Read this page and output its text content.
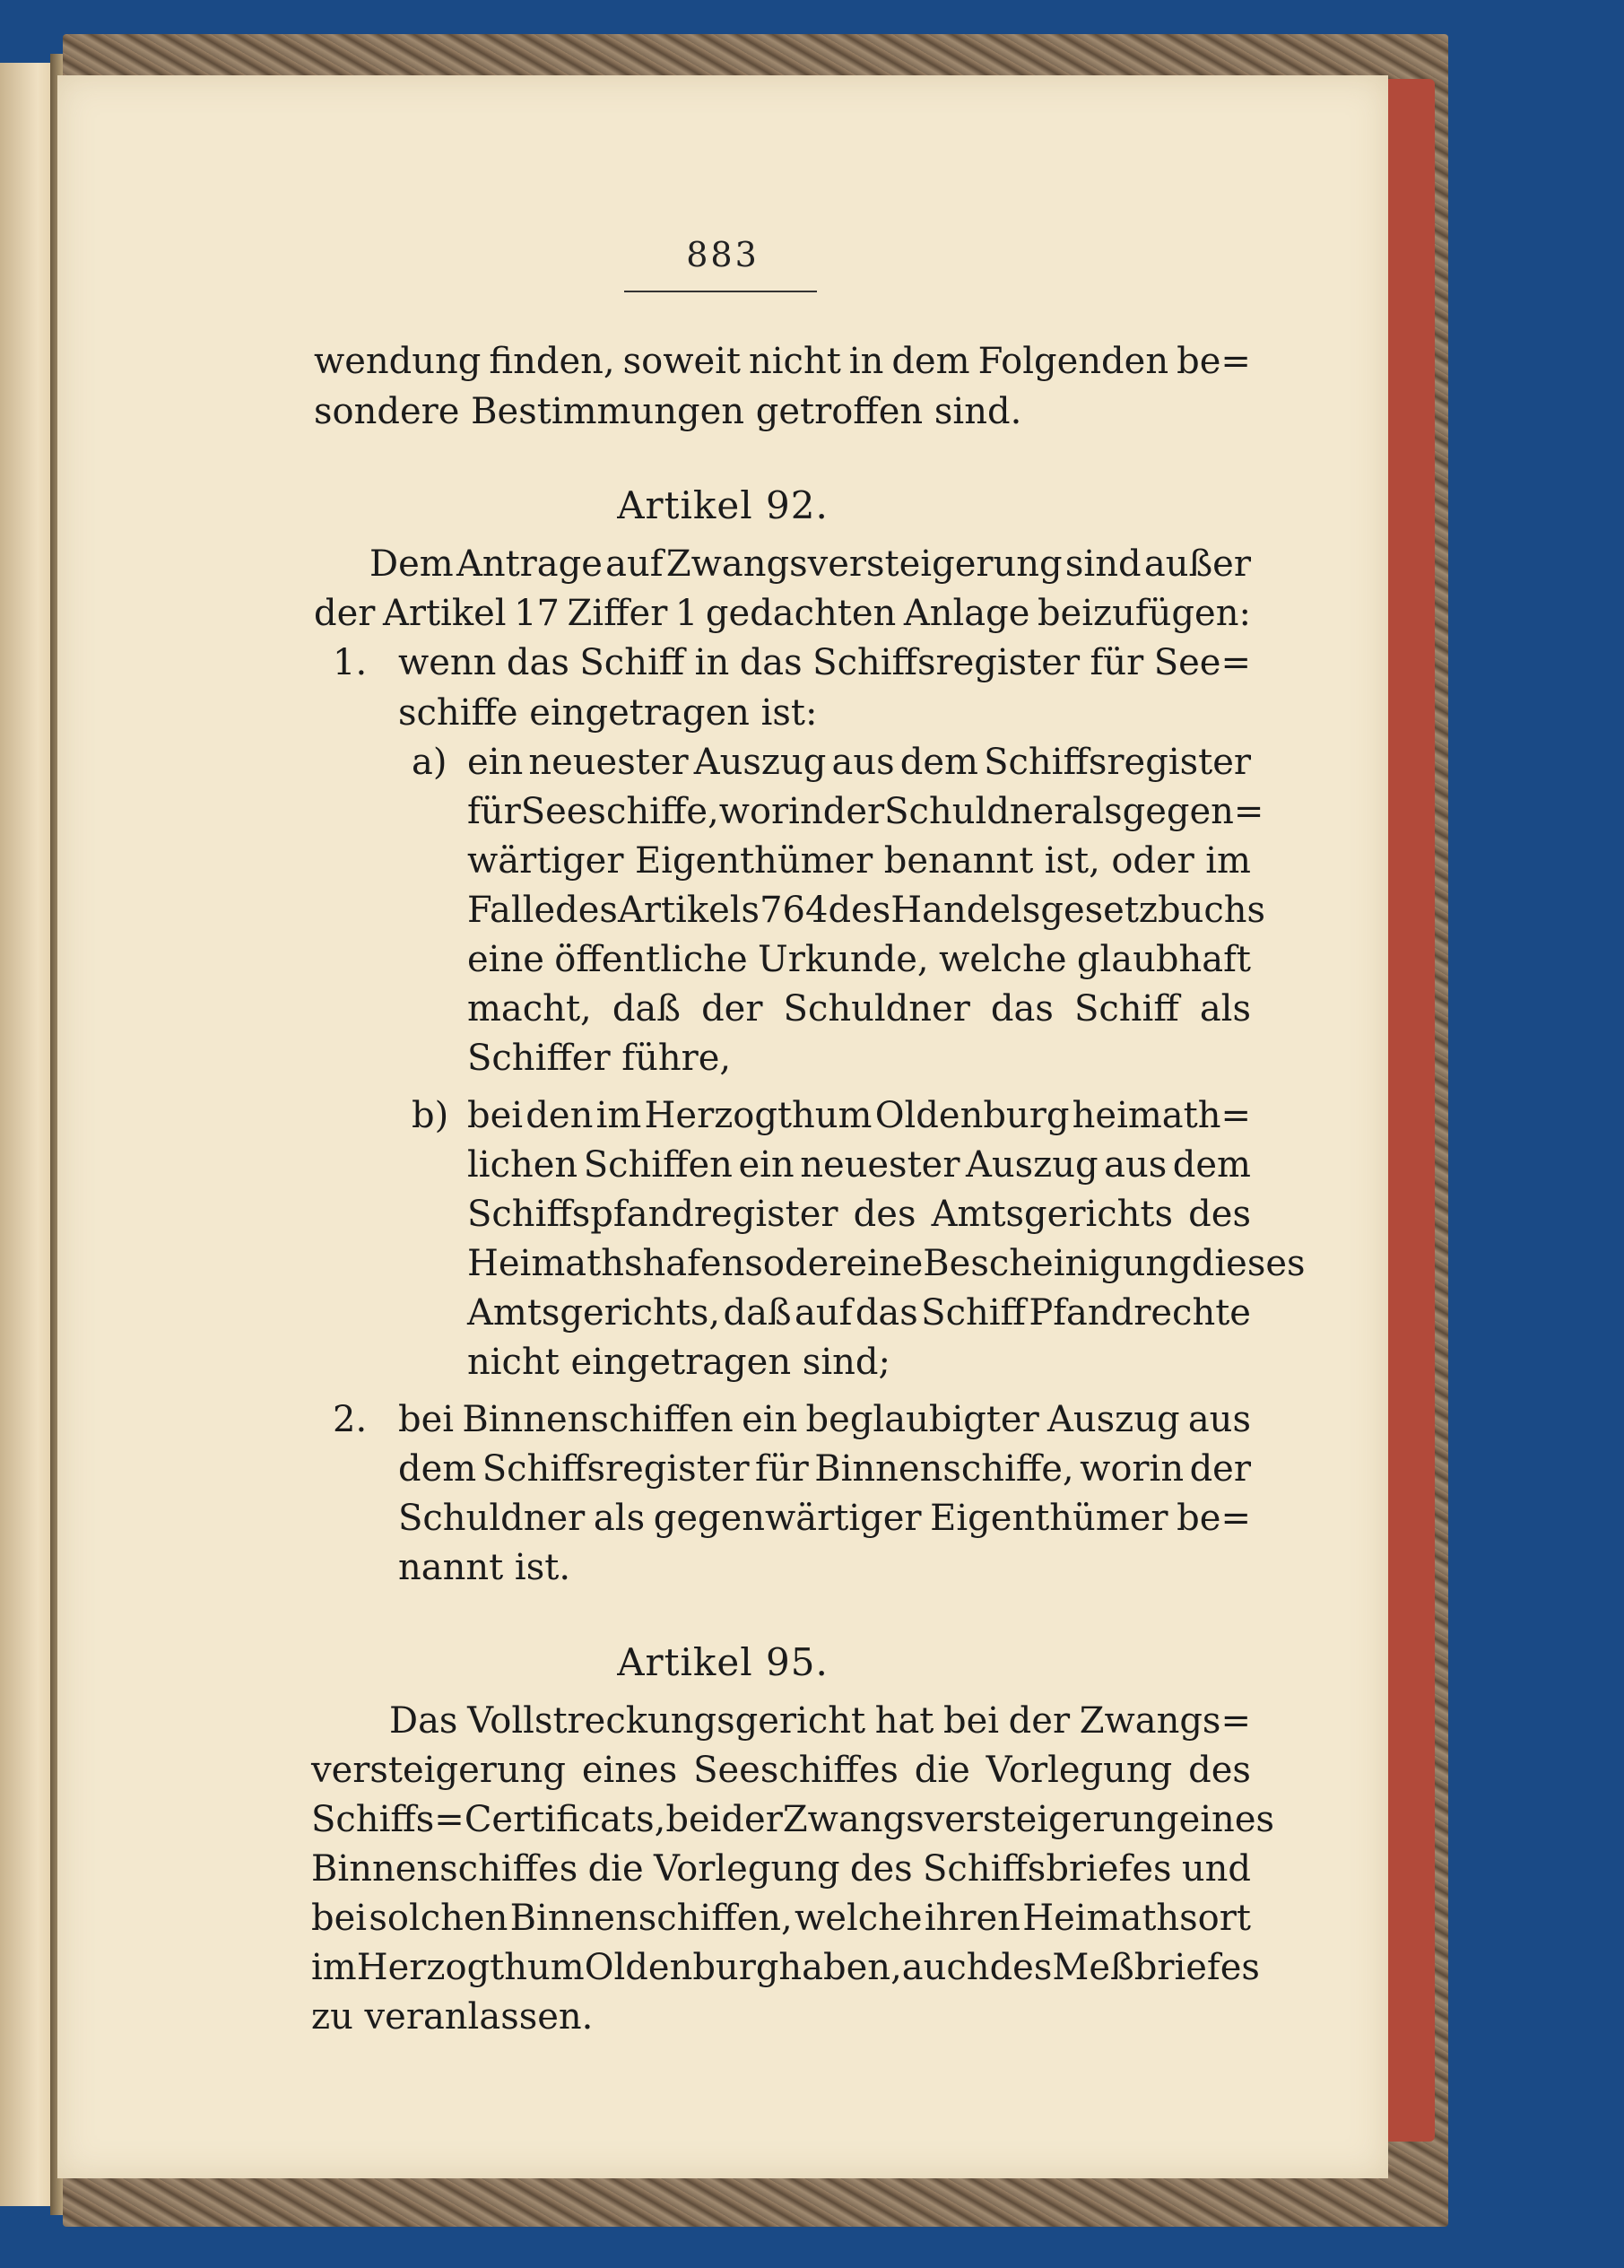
883
wendung finden, soweit nicht in dem Folgenden be=
sondere Bestimmungen getroffen sind.
Artikel 92.
Dem Antrage auf Zwangsversteigerung sind außer
der Artikel 17 Ziffer 1 gedachten Anlage beizufügen:
1. wenn das Schiff in das Schiffsregister für See=
schiffe eingetragen ist:
a) ein neuester Auszug aus dem Schiffsregister
für Seeschiffe, worin der Schuldner als gegen=
wärtiger Eigenthümer benannt ist, oder im
Falle des Artikels 764 des Handelsgesetzbuchs
eine öffentliche Urkunde, welche glaubhaft
macht, daß der Schuldner das Schiff als
Schiffer führe,
b) bei den im Herzogthum Oldenburg heimath=
lichen Schiffen ein neuester Auszug aus dem
Schiffspfandregister des Amtsgerichts des
Heimathshafens oder eine Bescheinigung dieses
Amtsgerichts, daß auf das Schiff Pfandrechte
nicht eingetragen sind;
2. bei Binnenschiffen ein beglaubigter Auszug aus
dem Schiffsregister für Binnenschiffe, worin der
Schuldner als gegenwärtiger Eigenthümer be=
nannt ist.
Artikel 95.
Das Vollstreckungsgericht hat bei der Zwangs=
versteigerung eines Seeschiffes die Vorlegung des
Schiffs=Certificats, bei der Zwangsversteigerung eines
Binnenschiffes die Vorlegung des Schiffsbriefes und
bei solchen Binnenschiffen, welche ihren Heimathsort
im Herzogthum Oldenburg haben, auch des Meßbriefes
zu veranlassen.
